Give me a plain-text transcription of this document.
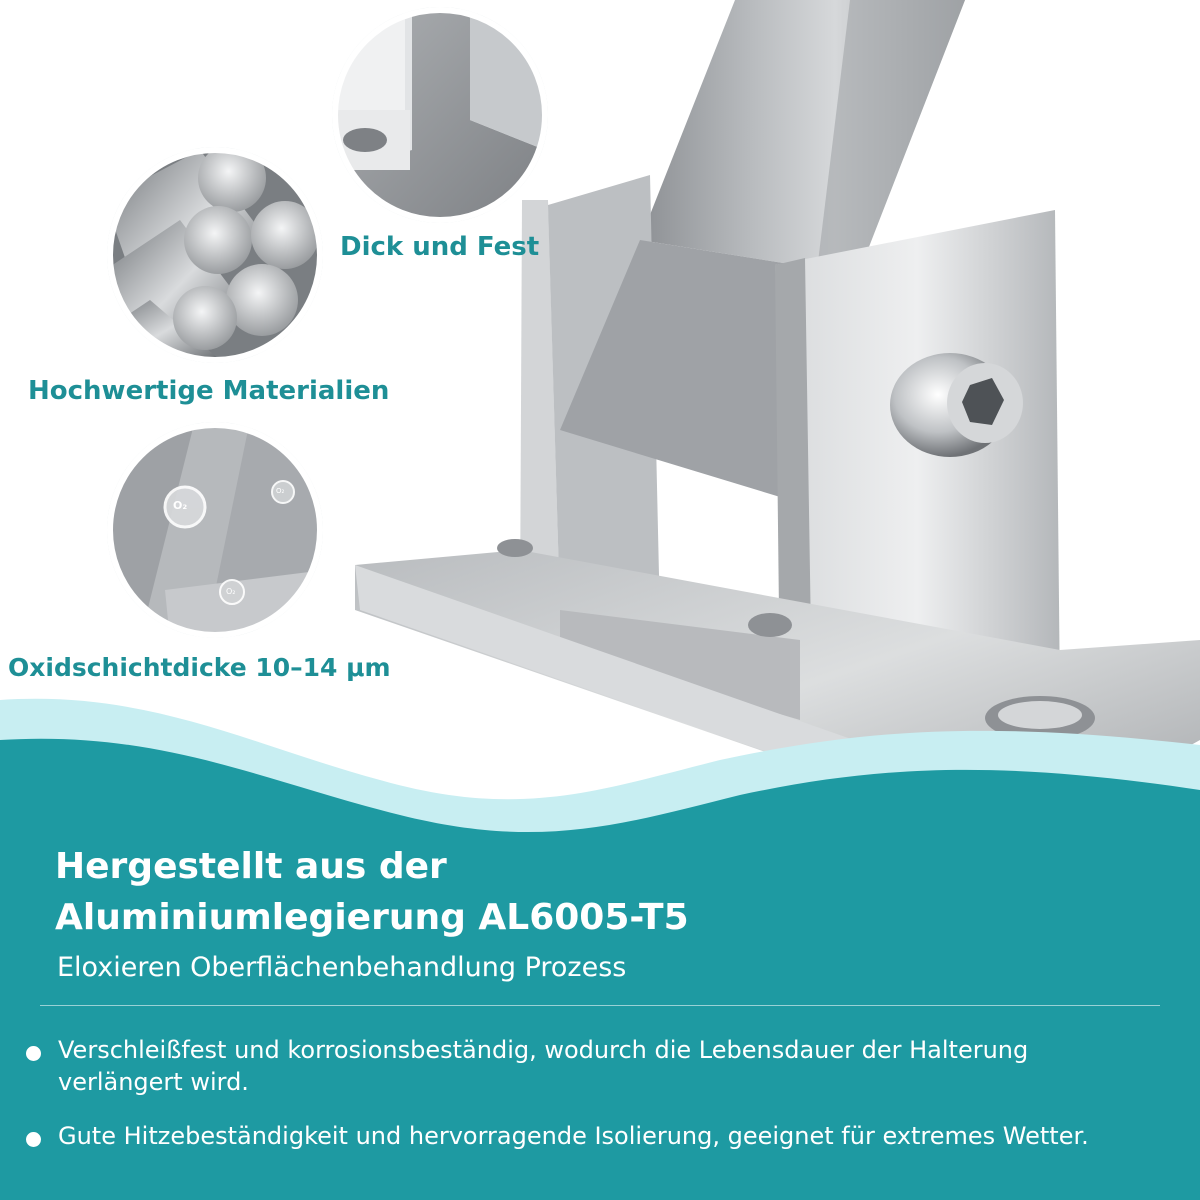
O₂
O₂
O₂
Dick und Fest
Hochwertige Materialien
Oxidschichtdicke 10–14 μm
Hergestellt aus der
Aluminiumlegierung AL6005-T5
Eloxieren Oberflächenbehandlung Prozess
Verschleißfest und korrosionsbeständig, wodurch die Lebensdauer der Halterung verlängert wird.
Gute Hitzebeständigkeit und hervorragende Isolierung, geeignet für extremes Wetter.
